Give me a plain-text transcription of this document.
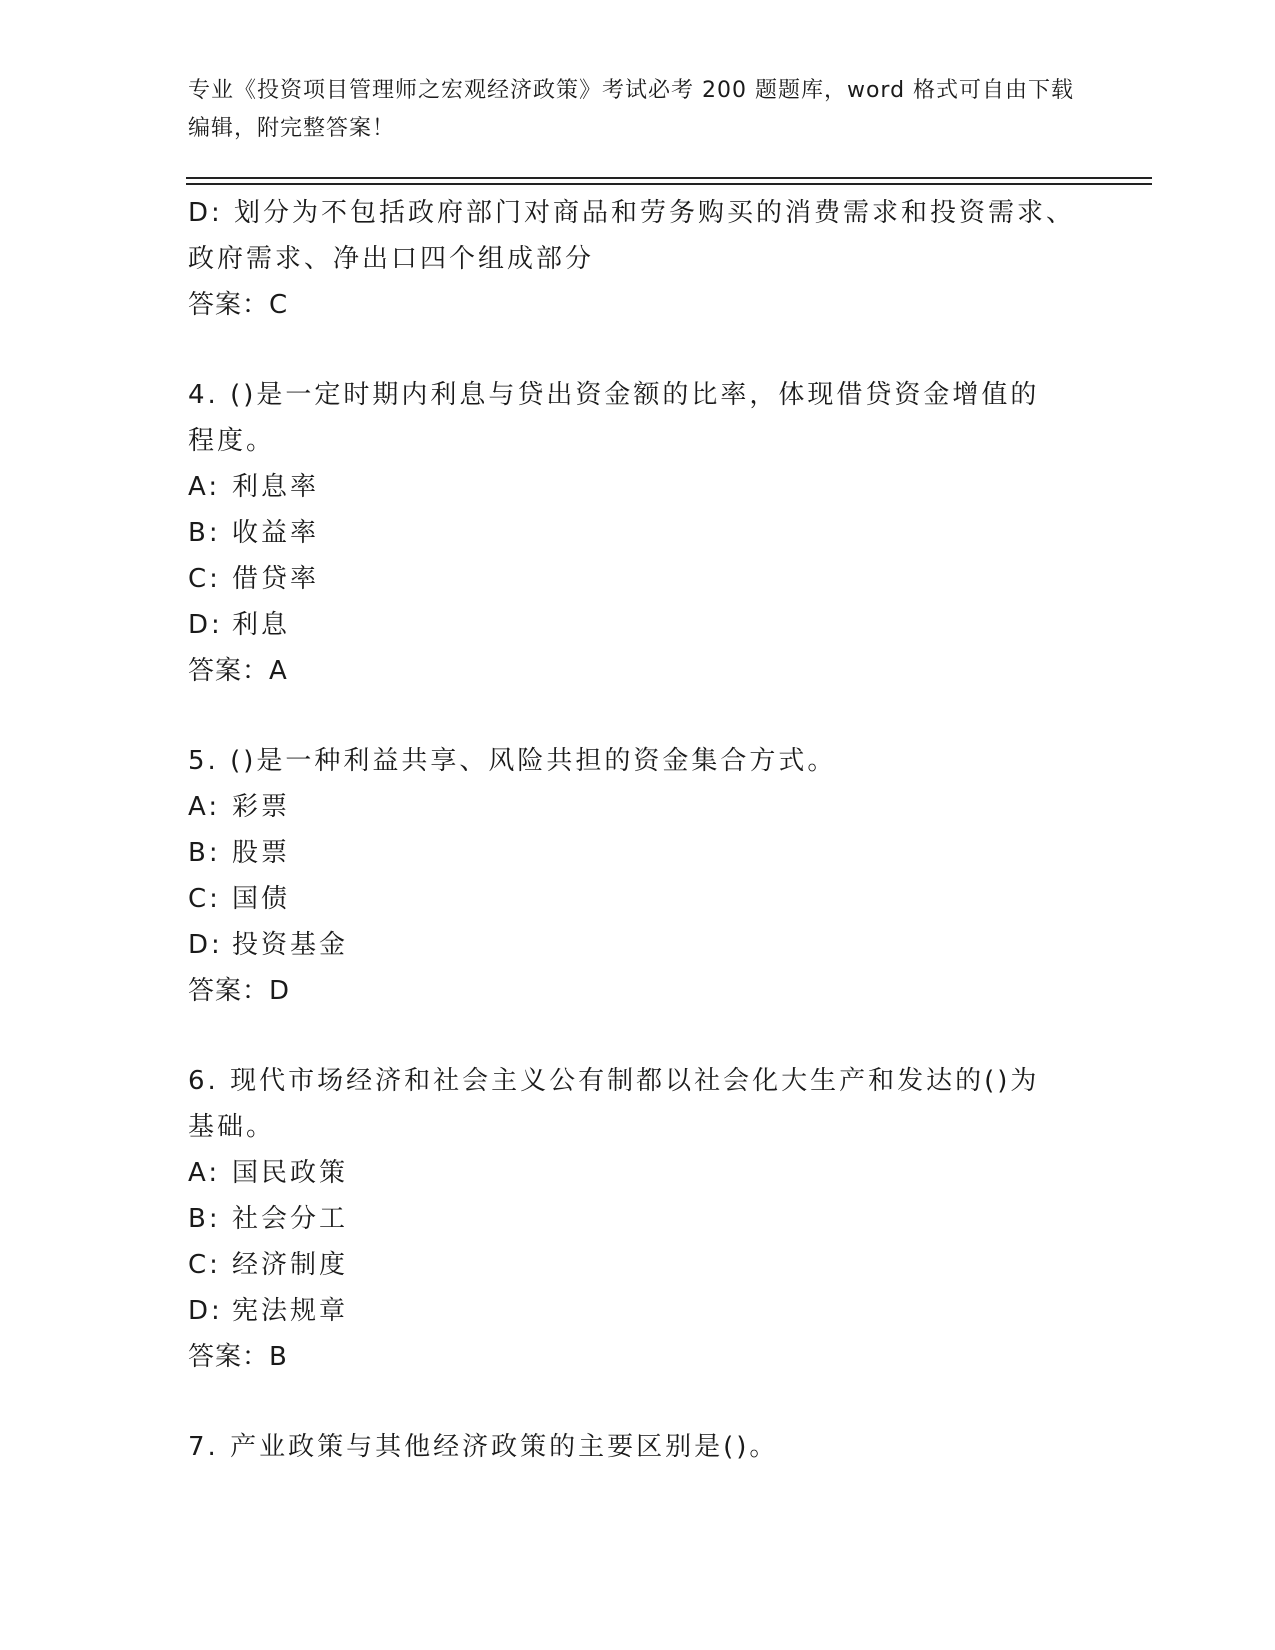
专业《投资项目管理师之宏观经济政策》考试必考 200 题题库，word 格式可自由下载编辑，附完整答案！
D: 划分为不包括政府部门对商品和劳务购买的消费需求和投资需求、
政府需求、净出口四个组成部分
答案：C
4. ()是一定时期内利息与贷出资金额的比率，体现借贷资金增值的程度。
A: 利息率
B: 收益率
C: 借贷率
D: 利息
答案：A
5. ()是一种利益共享、风险共担的资金集合方式。
A: 彩票
B: 股票
C: 国债
D: 投资基金
答案：D
6. 现代市场经济和社会主义公有制都以社会化大生产和发达的()为基础。
A: 国民政策
B: 社会分工
C: 经济制度
D: 宪法规章
答案：B
7. 产业政策与其他经济政策的主要区别是()。
